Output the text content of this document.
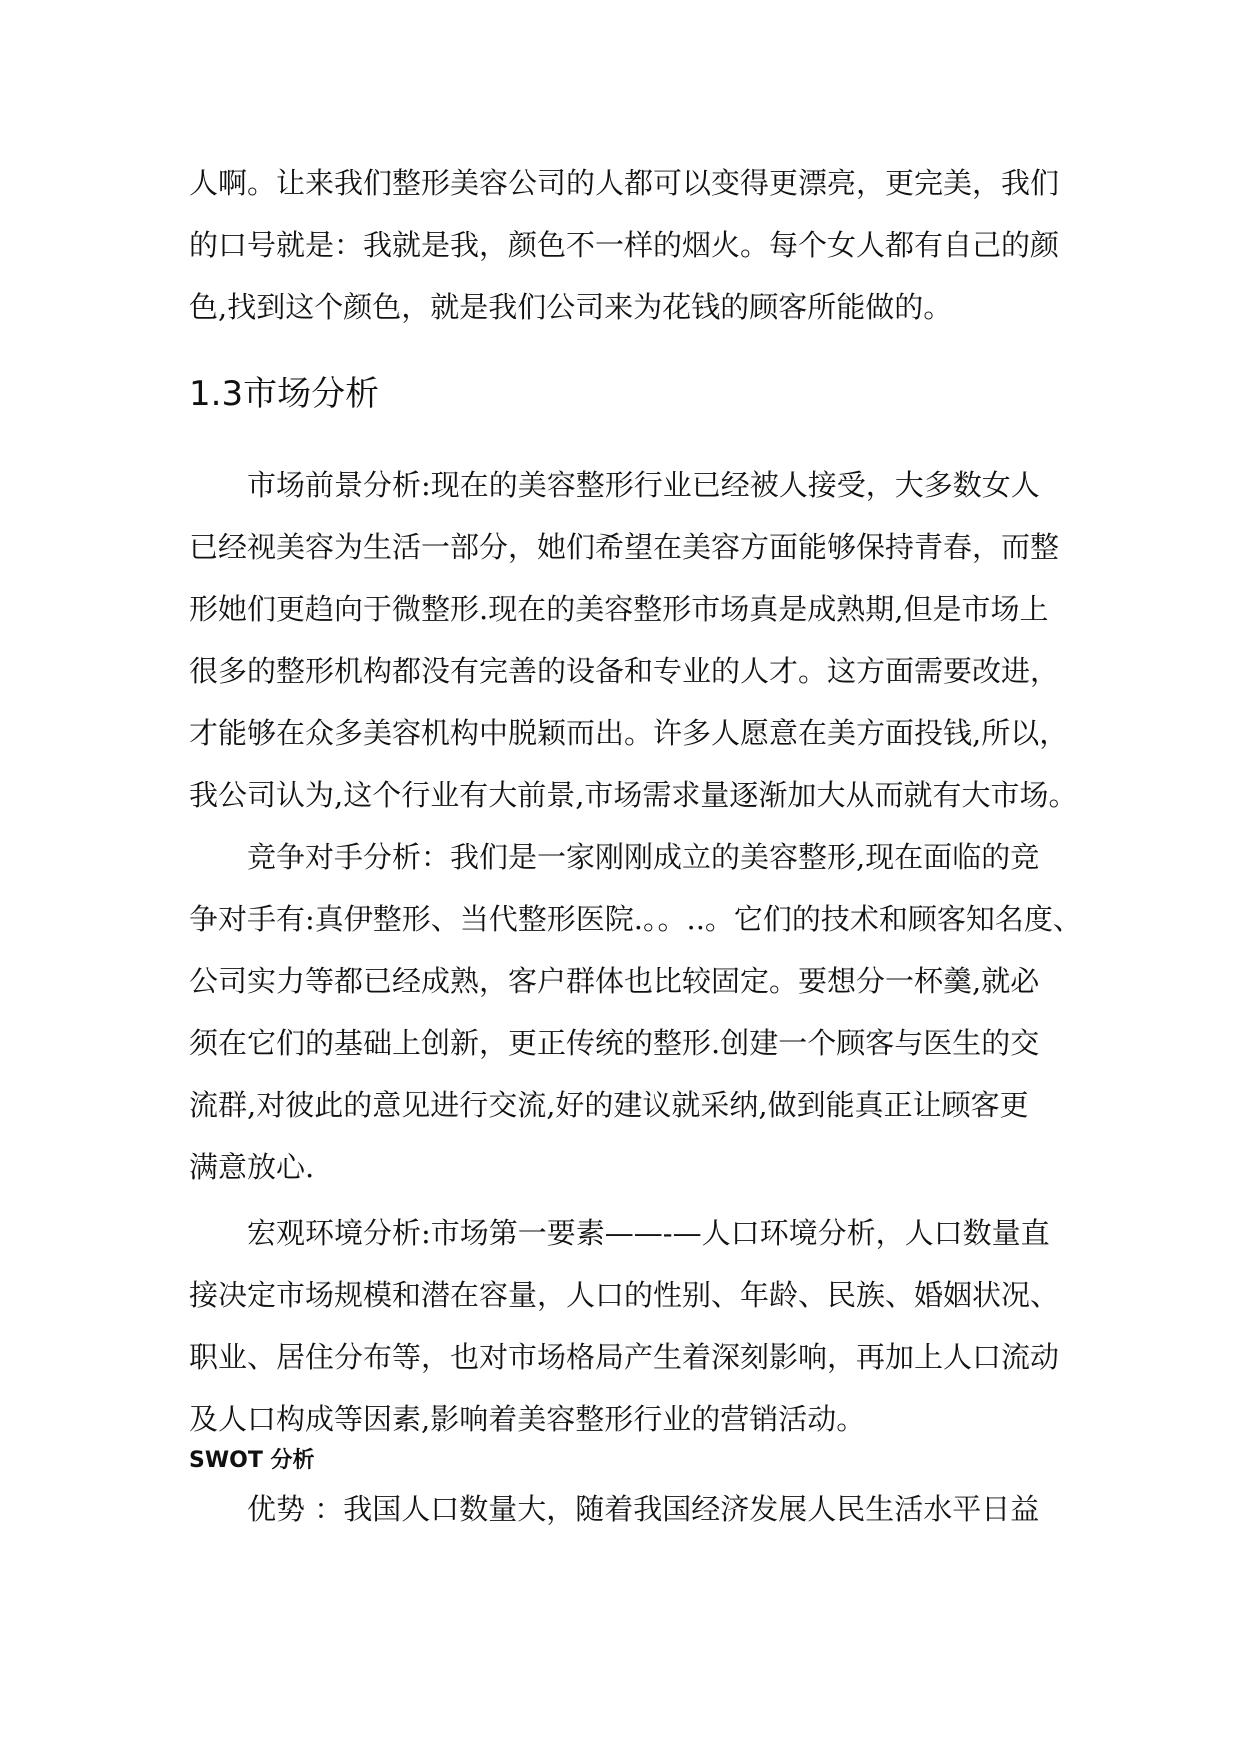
人啊。让来我们整形美容公司的人都可以变得更漂亮，更完美，我们
的口号就是：我就是我，颜色不一样的烟火。每个女人都有自己的颜
色,找到这个颜色，就是我们公司来为花钱的顾客所能做的。
1.3市场分析
市场前景分析:现在的美容整形行业已经被人接受，大多数女人
已经视美容为生活一部分，她们希望在美容方面能够保持青春，而整
形她们更趋向于微整形.现在的美容整形市场真是成熟期,但是市场上
很多的整形机构都没有完善的设备和专业的人才。这方面需要改进，
才能够在众多美容机构中脱颖而出。许多人愿意在美方面投钱,所以，
我公司认为,这个行业有大前景,市场需求量逐渐加大从而就有大市场。
竞争对手分析：我们是一家刚刚成立的美容整形,现在面临的竞
争对手有:真伊整形、当代整形医院.。。..。它们的技术和顾客知名度、
公司实力等都已经成熟，客户群体也比较固定。要想分一杯羹,就必
须在它们的基础上创新，更正传统的整形.创建一个顾客与医生的交
流群,对彼此的意见进行交流,好的建议就采纳,做到能真正让顾客更
满意放心.
宏观环境分析:市场第一要素——-—人口环境分析，人口数量直
接决定市场规模和潜在容量，人口的性别、年龄、民族、婚姻状况、
职业、居住分布等，也对市场格局产生着深刻影响，再加上人口流动
及人口构成等因素,影响着美容整形行业的营销活动。
SWOT 分析
优势 ：我国人口数量大，随着我国经济发展人民生活水平日益
